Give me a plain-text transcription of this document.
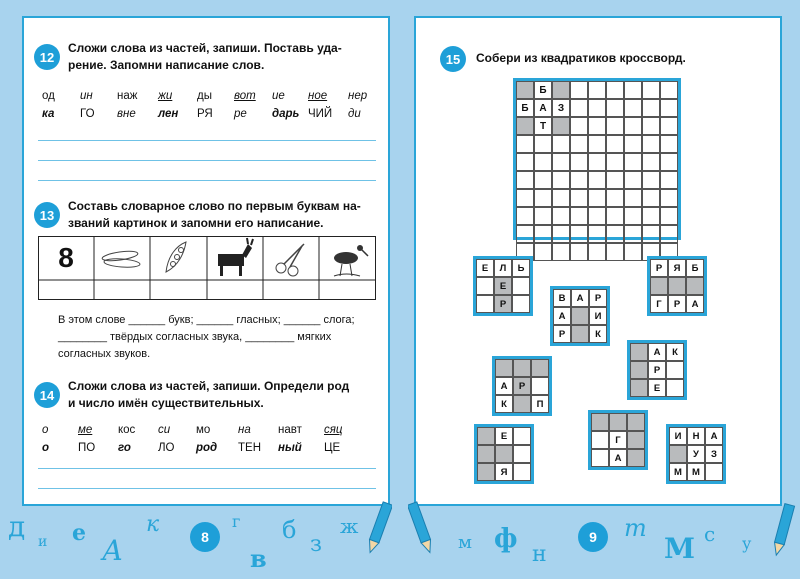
12
Сложи слова из частей, запиши. Поставь уда-
рение. Запомни написание слов.
од ин наж жи ды вот ие ное нер
ка ГО вне лен РЯ ре дарь ЧИЙ ди
13
Составь словарное слово по первым буквам на-
званий картинок и запомни его написание.
8
В этом слове ______ букв; ______ гласных; ______ слога;
________ твёрдых согласных звука, ________ мягких
согласных звуков.
14
Сложи слова из частей, запиши. Определи род
и число имён существительных.
о	ме кос си мо на навт сяц
о	ПО го ЛО род ТЕН ный ЦЕ
15	Собери из квадратиков кроссворд.
Б
Б	А	З
Т
Е	Л	Ь
Е
Р
В	А	Р
А	И
Р	К
Р	Я	Б
Г	Р	А
А	К
Р
Е
А	Р
К	П
Е
Я
Г
А
И	Н	А
У	З
М	М
8	9
д и е
А
к	г б
з
ж
в
м ф
н
т
М с у
